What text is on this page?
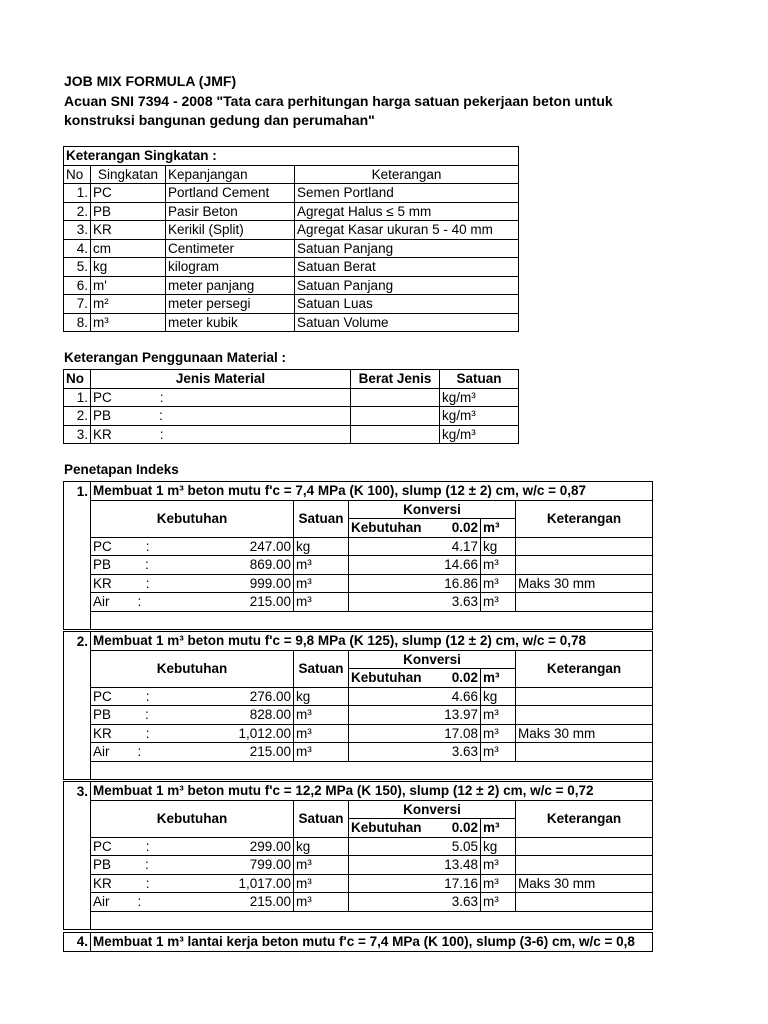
JOB MIX FORMULA (JMF)
Acuan SNI 7394 - 2008 "Tata cara perhitungan harga satuan pekerjaan beton untuk
konstruksi bangunan gedung dan perumahan"
Keterangan Singkatan :			
No	Singkatan	Kepanjangan	Keterangan
1.	PC	Portland Cement	Semen Portland
2.	PB	Pasir Beton	Agregat Halus ≤ 5 mm
3.	KR	Kerikil (Split)	Agregat Kasar ukuran 5 - 40 mm
4.	cm	Centimeter	Satuan Panjang
5.	kg	kilogram	Satuan Berat
6.	m'	meter panjang	Satuan Panjang
7.	m²	meter persegi	Satuan Luas
8.	m³	meter kubik	Satuan Volume
Keterangan Penggunaan Material :
No	Jenis Material	Berat Jenis	Satuan
1.	PC :		kg/m³
2.	PB :		kg/m³
3.	KR :		kg/m³
Penetapan Indeks
1.	Membuat 1 m³ beton mutu f'c = 7,4 MPa (K 100), slump (12 ± 2) cm, w/c = 0,87				
	Kebutuhan	Satuan	Konversi		Keterangan
			Kebutuhan 0.02	m³	

	PC : 247.00	kg	4.17	kg	

	PB : 869.00	m³	14.66	m³	

	KR : 999.00	m³	16.86	m³	Maks 30 mm

	Air : 215.00	m³	3.63	m³	

2.	Membuat 1 m³ beton mutu f'c = 9,8 MPa (K 125), slump (12 ± 2) cm, w/c = 0,78				
	Kebutuhan	Satuan	Konversi		Keterangan
			Kebutuhan 0.02	m³	

	PC : 276.00	kg	4.66	kg	

	PB : 828.00	m³	13.97	m³	

	KR : 1,012.00	m³	17.08	m³	Maks 30 mm

	Air : 215.00	m³	3.63	m³	

3.	Membuat 1 m³ beton mutu f'c = 12,2 MPa (K 150), slump (12 ± 2) cm, w/c = 0,72				
	Kebutuhan	Satuan	Konversi		Keterangan
			Kebutuhan 0.02	m³	

	PC : 299.00	kg	5.05	kg	

	PB : 799.00	m³	13.48	m³	

	KR : 1,017.00	m³	17.16	m³	Maks 30 mm

	Air : 215.00	m³	3.63	m³	

4.	Membuat 1 m³ lantai kerja beton mutu f'c = 7,4 MPa (K 100), slump (3-6) cm, w/c = 0,8
